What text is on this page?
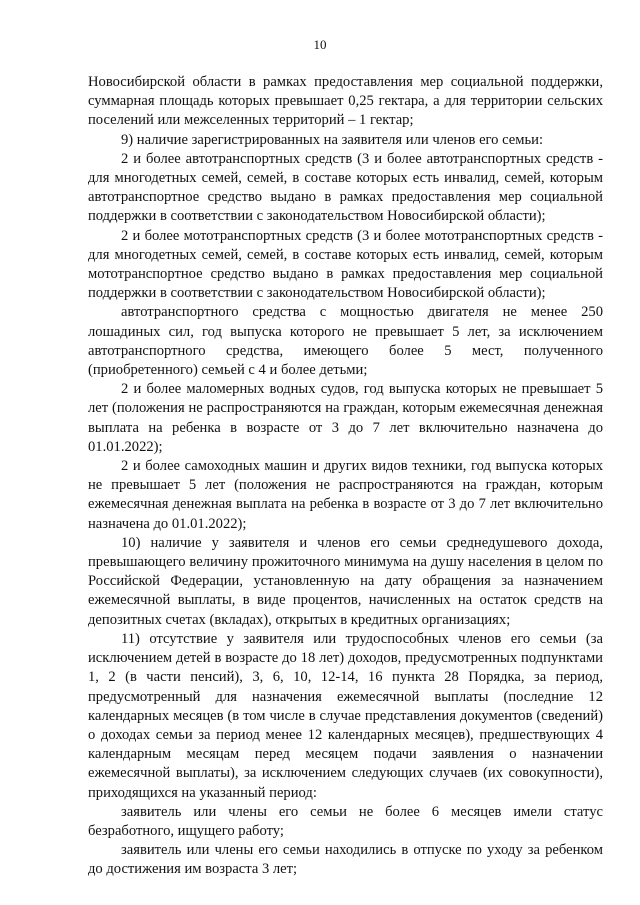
10

Новосибирской области в рамках предоставления мер социальной поддержки, суммарная площадь которых превышает 0,25 гектара, а для территории сельских поселений или межселенных территорий – 1 гектар;

9) наличие зарегистрированных на заявителя или членов его семьи:

2 и более автотранспортных средств (3 и более автотранспортных средств - для многодетных семей, семей, в составе которых есть инвалид, семей, которым автотранспортное средство выдано в рамках предоставления мер социальной поддержки в соответствии с законодательством Новосибирской области);

2 и более мототранспортных средств (3 и более мототранспортных средств - для многодетных семей, семей, в составе которых есть инвалид, семей, которым мототранспортное средство выдано в рамках предоставления мер социальной поддержки в соответствии с законодательством Новосибирской области);

автотранспортного средства с мощностью двигателя не менее 250 лошадиных сил, год выпуска которого не превышает 5 лет, за исключением автотранспортного средства, имеющего более 5 мест, полученного (приобретенного) семьей с 4 и более детьми;

2 и более маломерных водных судов, год выпуска которых не превышает 5 лет (положения не распространяются на граждан, которым ежемесячная денежная выплата на ребенка в возрасте от 3 до 7 лет включительно назначена до 01.01.2022);

2 и более самоходных машин и других видов техники, год выпуска которых не превышает 5 лет (положения не распространяются на граждан, которым ежемесячная денежная выплата на ребенка в возрасте от 3 до 7 лет включительно назначена до 01.01.2022);

10) наличие у заявителя и членов его семьи среднедушевого дохода, превышающего величину прожиточного минимума на душу населения в целом по Российской Федерации, установленную на дату обращения за назначением ежемесячной выплаты, в виде процентов, начисленных на остаток средств на депозитных счетах (вкладах), открытых в кредитных организациях;

11) отсутствие у заявителя или трудоспособных членов его семьи (за исключением детей в возрасте до 18 лет) доходов, предусмотренных подпунктами 1, 2 (в части пенсий), 3, 6, 10, 12-14, 16 пункта 28 Порядка, за период, предусмотренный для назначения ежемесячной выплаты (последние 12 календарных месяцев (в том числе в случае представления документов (сведений) о доходах семьи за период менее 12 календарных месяцев), предшествующих 4 календарным месяцам перед месяцем подачи заявления о назначении ежемесячной выплаты), за исключением следующих случаев (их совокупности), приходящихся на указанный период:

заявитель или члены его семьи не более 6 месяцев имели статус безработного, ищущего работу;

заявитель или члены его семьи находились в отпуске по уходу за ребенком до достижения им возраста 3 лет;
